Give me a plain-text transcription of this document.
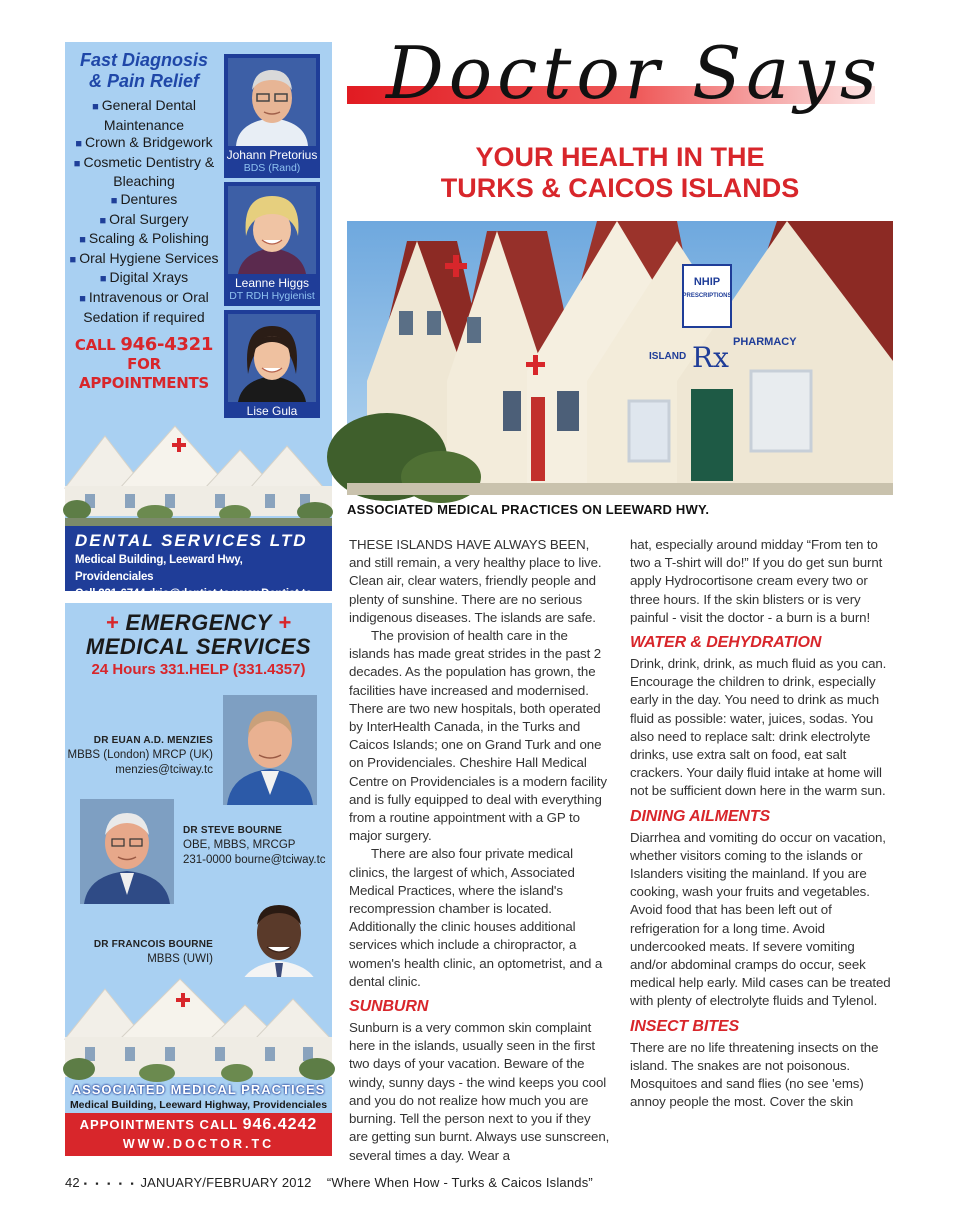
Fast Diagnosis
& Pain Relief
■ General Dental Maintenance
■ Crown & Bridgework
■ Cosmetic Dentistry & Bleaching
■ Dentures
■ Oral Surgery
■ Scaling & Polishing
■ Oral Hygiene Services
■ Digital Xrays
■ Intravenous or Oral Sedation if required
CALL 946-4321
FOR APPOINTMENTS
Johann Pretorius
BDS (Rand)
Leanne Higgs
DT RDH Hygienist
Lise Gula
DENTAL SERVICES LTD
Medical Building, Leeward Hwy, Providenciales
Cell 231-6744 drjo@dentist.tc www.Dentist.tc
+ EMERGENCY +
MEDICAL SERVICES
24 Hours 331.HELP (331.4357)
DR EUAN A.D. MENZIES
MBBS (London) MRCP (UK)
menzies@tciway.tc
DR STEVE BOURNE
OBE, MBBS, MRCGP
231-0000 bourne@tciway.tc
DR FRANCOIS BOURNE
MBBS (UWI)
ASSOCIATED MEDICAL PRACTICES
Medical Building, Leeward Highway, Providenciales
APPOINTMENTS CALL 946.4242
WWW.DOCTOR.TC
Doctor Says
YOUR HEALTH IN THE
TURKS & CAICOS ISLANDS
NHIP
PRESCRIPTIONS
ISLAND Rx PHARMACY
ASSOCIATED MEDICAL PRACTICES ON LEEWARD HWY.

THESE ISLANDS HAVE ALWAYS BEEN, and still remain, a very healthy place to live. Clean air, clear waters, friendly people and plenty of sunshine. There are no serious indigenous diseases. The islands are safe.

The provision of health care in the islands has made great strides in the past 2 decades. As the population has grown, the facilities have increased and modernised. There are two new hospitals, both operated by InterHealth Canada, in the Turks and Caicos Islands; one on Grand Turk and one on Providenciales. Cheshire Hall Medical Centre on Providenciales is a modern facility and is fully equipped to deal with everything from a routine appointment with a GP to major surgery.

There are also four private medical clinics, the largest of which, Associated Medical Practices, where the island's recompression chamber is located. Additionally the clinic houses additional services which include a chiropractor, a women's health clinic, an optometrist, and a dental clinic.

SUNBURN

Sunburn is a very common skin complaint here in the islands, usually seen in the first two days of your vacation. Beware of the windy, sunny days - the wind keeps you cool and you do not realize how much you are burning. Tell the person next to you if they are getting sun burnt. Always use sunscreen, several times a day. Wear a

hat, especially around midday “From ten to two a T-shirt will do!” If you do get sun burnt apply Hydrocortisone cream every two or three hours. If the skin blisters or is very painful - visit the doctor - a burn is a burn!

WATER & DEHYDRATION

Drink, drink, drink, as much fluid as you can. Encourage the children to drink, especially early in the day. You need to drink as much fluid as possible: water, juices, sodas. You also need to replace salt: drink electrolyte drinks, use extra salt on food, eat salt crackers. Your daily fluid intake at home will not be sufficient down here in the warm sun.

DINING AILMENTS

Diarrhea and vomiting do occur on vacation, whether visitors coming to the islands or Islanders visiting the mainland. If you are cooking, wash your fruits and vegetables. Avoid food that has been left out of refrigeration for a long time. Avoid undercooked meats. If severe vomiting and/or abdominal cramps do occur, seek medical help early. Mild cases can be treated with plenty of electrolyte fluids and Tylenol.

INSECT BITES

There are no life threatening insects on the island. The snakes are not poisonous. Mosquitoes and sand flies (no see 'ems) annoy people the most. Cover the skin

42 ▪ ▪ ▪ ▪ ▪ JANUARY/FEBRUARY 2012 “Where When How - Turks & Caicos Islands”
